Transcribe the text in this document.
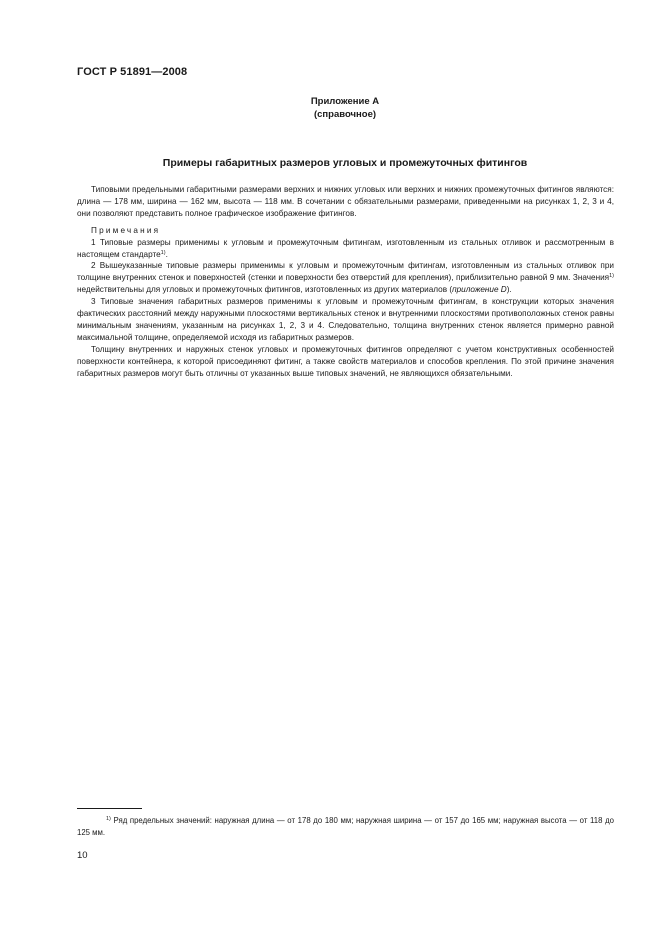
ГОСТ Р 51891—2008
Приложение А
(справочное)
Примеры габаритных размеров угловых и промежуточных фитингов

Типовыми предельными габаритными размерами верхних и нижних угловых или верхних и нижних промежуточных фитингов являются: длина — 178 мм, ширина — 162 мм, высота — 118 мм. В сочетании с обязательными размерами, приведенными на рисунках 1, 2, 3 и 4, они позволяют представить полное графическое изображение фитингов.

Примечания

1 Типовые размеры применимы к угловым и промежуточным фитингам, изготовленным из стальных отливок и рассмотренным в настоящем стандарте$^{1)}$.

2 Вышеуказанные типовые размеры применимы к угловым и промежуточным фитингам, изготовленным из стальных отливок при толщине внутренних стенок и поверхностей (стенки и поверхности без отверстий для крепления), приблизительно равной 9 мм. Значения$^{1)}$ недействительны для угловых и промежуточных фитингов, изготовленных из других материалов (приложение D).

3 Типовые значения габаритных размеров применимы к угловым и промежуточным фитингам, в конструкции которых значения фактических расстояний между наружными плоскостями вертикальных стенок и внутренними плоскостями противоположных стенок равны минимальным значениям, указанным на рисунках 1, 2, 3 и 4. Следовательно, толщина внутренних стенок является примерно равной максимальной толщине, определяемой исходя из габаритных размеров.

Толщину внутренних и наружных стенок угловых и промежуточных фитингов определяют с учетом конструктивных особенностей поверхности контейнера, к которой присоединяют фитинг, а также свойств материалов и способов крепления. По этой причине значения габаритных размеров могут быть отличны от указанных выше типовых значений, не являющихся обязательными.

$^{1)}$ Ряд предельных значений: наружная длина — от 178 до 180 мм; наружная ширина — от 157 до 165 мм; наружная высота — от 118 до 125 мм.

10
